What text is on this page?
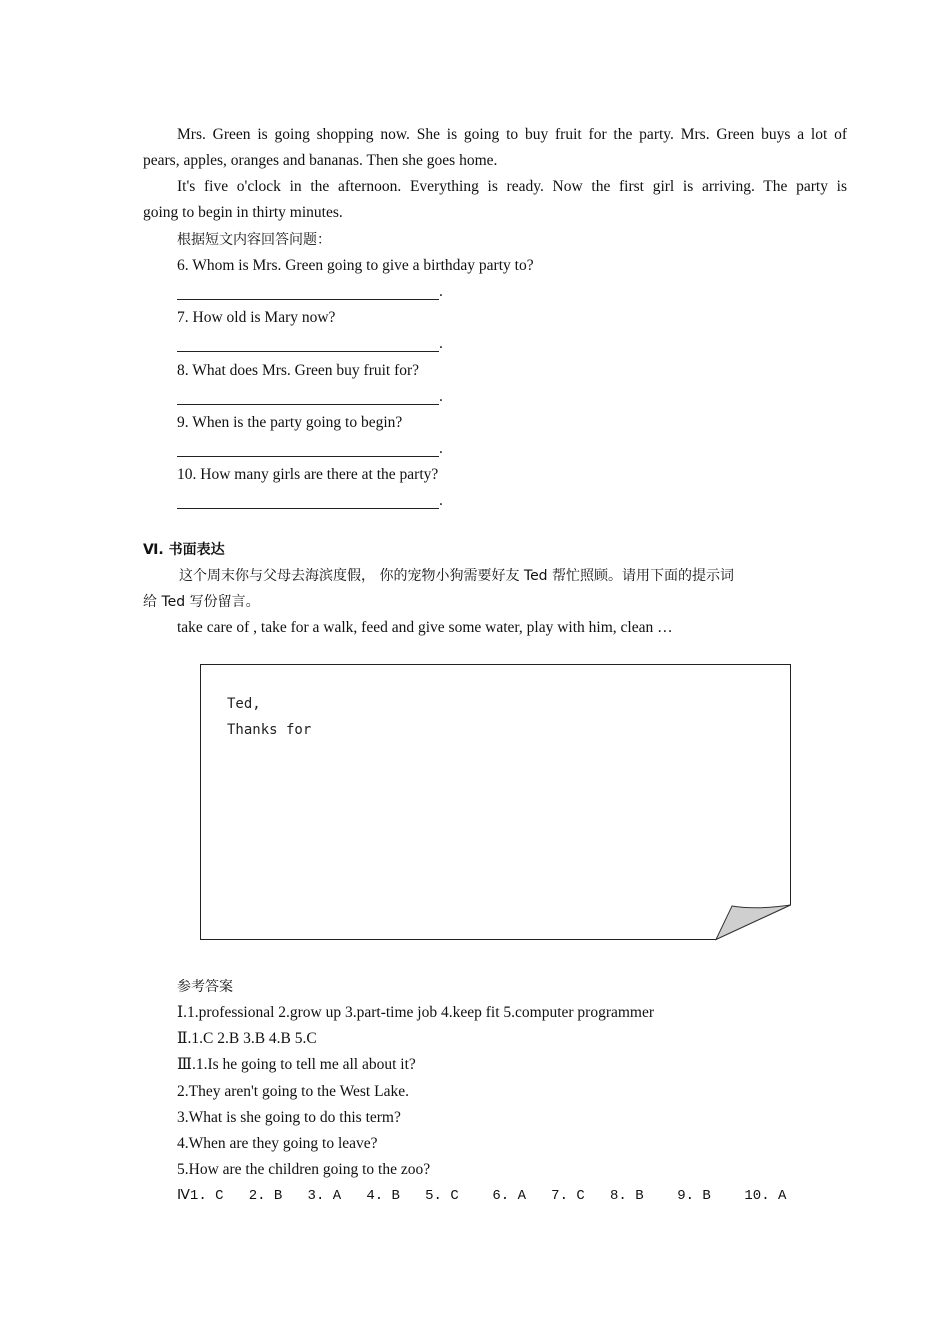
Mrs. Green is going shopping now. She is going to buy fruit for the party. Mrs. Green buys a lot of
pears, apples, oranges and bananas. Then she goes home.
It's five o'clock in the afternoon. Everything is ready. Now the first girl is arriving. The party is
going to begin in thirty minutes.
根据短文内容回答问题：
6. Whom is Mrs. Green going to give a birthday party to?
.
7. How old is Mary now?
.
8. What does Mrs. Green buy fruit for?
.
9. When is the party going to begin?
.
10. How many girls are there at the party?
.
Ⅵ. 书面表达
这个周末你与父母去海滨度假， 你的宠物小狗需要好友 Ted 帮忙照顾。请用下面的提示词
给 Ted 写份留言。
take care of , take for a walk, feed and give some water, play with him, clean …
Ted,
Thanks for
参考答案
Ⅰ.1.professional 2.grow up 3.part-time job 4.keep fit 5.computer programmer
Ⅱ.1.C 2.B 3.B 4.B 5.C
Ⅲ.1.Is he going to tell me all about it?
2.They aren't going to the West Lake.
3.What is she going to do this term?
4.When are they going to leave?
5.How are the children going to the zoo?
Ⅳ1. C   2. B   3. A   4. B   5. C    6. A   7. C   8. B    9. B    10. A
